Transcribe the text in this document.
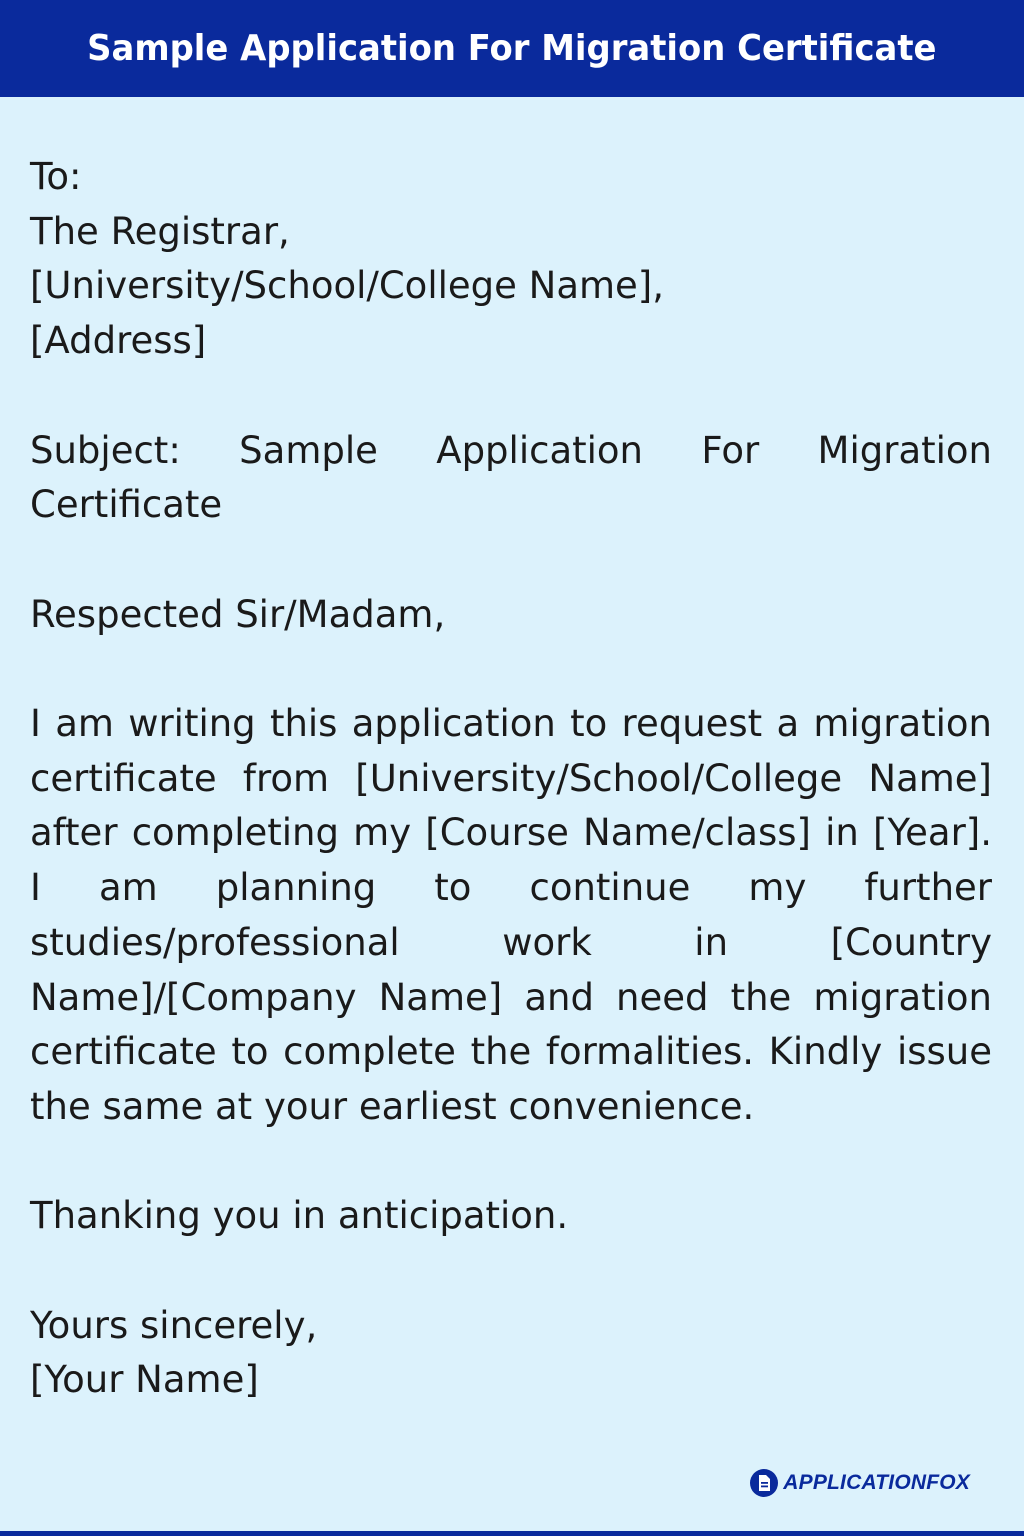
Sample Application For Migration Certificate

To:

The Registrar,

[University/School/College Name],

[Address]

Subject: Sample Application For Migration Certificate

Respected Sir/Madam,

I am writing this application to request a migration certificate from [University/School/College Name] after completing my [Course Name/class] in [Year]. I am planning to continue my further studies/professional work in [Country Name]/[Company Name] and need the migration certificate to complete the formalities. Kindly issue the same at your earliest convenience.

Thanking you in anticipation.

Yours sincerely,

[Your Name]

APPLICATIONFOX
